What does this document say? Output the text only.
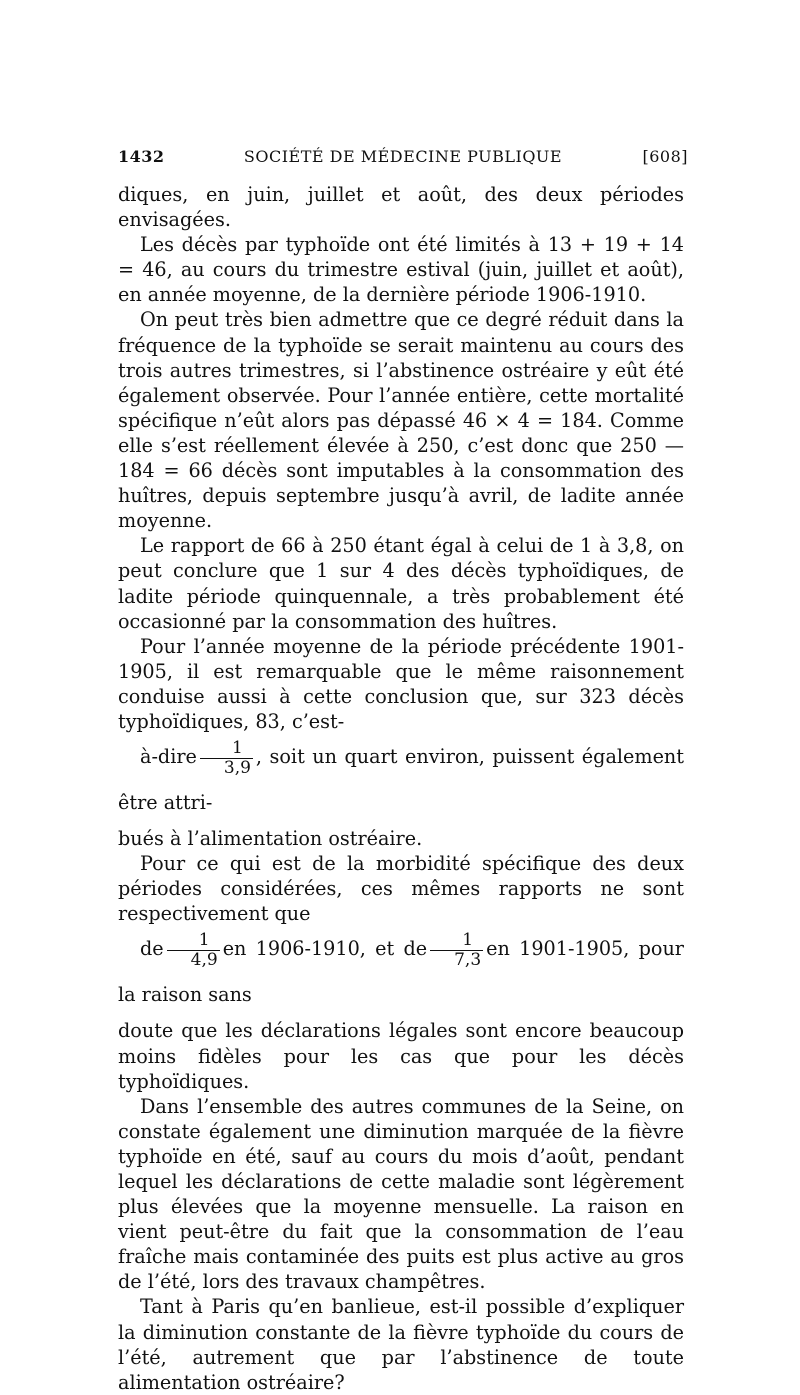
1432	SOCIÉTÉ DE MÉDECINE PUBLIQUE	[608]

diques, en juin, juillet et août, des deux périodes envisagées.

Les décès par typhoïde ont été limités à 13 + 19 + 14 = 46, au cours du trimestre estival (juin, juillet et août), en année moyenne, de la dernière période 1906-1910.

On peut très bien admettre que ce degré réduit dans la fréquence de la typhoïde se serait maintenu au cours des trois autres trimestres, si l’abstinence ostréaire y eût été également observée. Pour l’année entière, cette mortalité spécifique n’eût alors pas dépassé 46 × 4 = 184. Comme elle s’est réellement élevée à 250, c’est donc que 250 — 184 = 66 décès sont imputables à la consommation des huîtres, depuis septembre jusqu’à avril, de ladite année moyenne.

Le rapport de 66 à 250 étant égal à celui de 1 à 3,8, on peut conclure que 1 sur 4 des décès typhoïdiques, de ladite période quinquennale, a très probablement été occasionné par la consommation des huîtres.

Pour l’année moyenne de la période précédente 1901-1905, il est remarquable que le même raisonnement conduise aussi à cette conclusion que, sur 323 décès typhoïdiques, 83, c’est-
à-dire $\frac{1}{3,9}$ , soit un quart environ, puissent également être attri-
bués à l’alimentation ostréaire.

Pour ce qui est de la morbidité spécifique des deux périodes considérées, ces mêmes rapports ne sont respectivement que
de $\frac{1}{4,9}$ en 1906-1910, et de $\frac{1}{7,3}$ en 1901-1905, pour la raison sans
doute que les déclarations légales sont encore beaucoup moins fidèles pour les cas que pour les décès typhoïdiques.

Dans l’ensemble des autres communes de la Seine, on constate également une diminution marquée de la fièvre typhoïde en été, sauf au cours du mois d’août, pendant lequel les déclarations de cette maladie sont légèrement plus élevées que la moyenne mensuelle. La raison en vient peut-être du fait que la consommation de l’eau fraîche mais contaminée des puits est plus active au gros de l’été, lors des travaux champêtres.

Tant à Paris qu’en banlieue, est-il possible d’expliquer la diminution constante de la fièvre typhoïde du cours de l’été, autrement que par l’abstinence de toute alimentation ostréaire?
